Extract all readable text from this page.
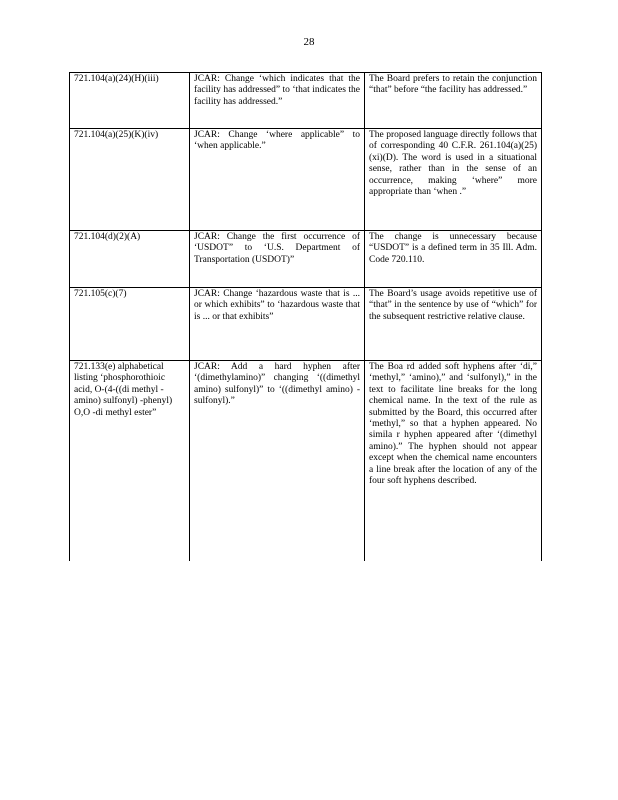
28
721.104(a)(24)(H)(iii)	JCAR: Change ‘which indicates that the facility has addressed” to ‘that indicates the facility has addressed.”	The Board prefers to retain the conjunction “that” before “the facility has addressed.”
721.104(a)(25)(K)(iv)	JCAR: Change ‘where applicable” to ‘when applicable.”	The proposed language directly follows that of corresponding 40 C.F.R. 261.104(a)(25)(xi)(D). The word is used in a situational sense, rather than in the sense of an occurrence, making ‘where” more appropriate than ‘when .”
721.104(d)(2)(A)	JCAR: Change the first occurrence of ‘USDOT” to ‘U.S. Department of Transportation (USDOT)”	The change is unnecessary because “USDOT” is a defined term in 35 Ill. Adm. Code 720.110.
721.105(c)(7)	JCAR: Change ‘hazardous waste that is ... or which exhibits” to ‘hazardous waste that is ... or that exhibits”	The Board’s usage avoids repetitive use of “that” in the sentence by use of “which” for the subsequent restrictive relative clause.
721.133(e) alphabetical listing ‘phosphorothioic acid, O-(4-((di methyl -amino) sulfonyl) -phenyl) O,O -di methyl ester”	JCAR: Add a hard hyphen after ‘(dimethylamino)” changing ‘((dimethyl amino) sulfonyl)” to ‘((dimethyl amino) -sulfonyl).”	The Boa rd added soft hyphens after ‘di,” ‘methyl,” ‘amino),” and ‘sulfonyl),” in the text to facilitate line breaks for the long chemical name. In the text of the rule as submitted by the Board, this occurred after ‘methyl,” so that a hyphen appeared. No simila r hyphen appeared after ‘(dimethyl amino).” The hyphen should not appear except when the chemical name encounters a line break after the location of any of the four soft hyphens described.
